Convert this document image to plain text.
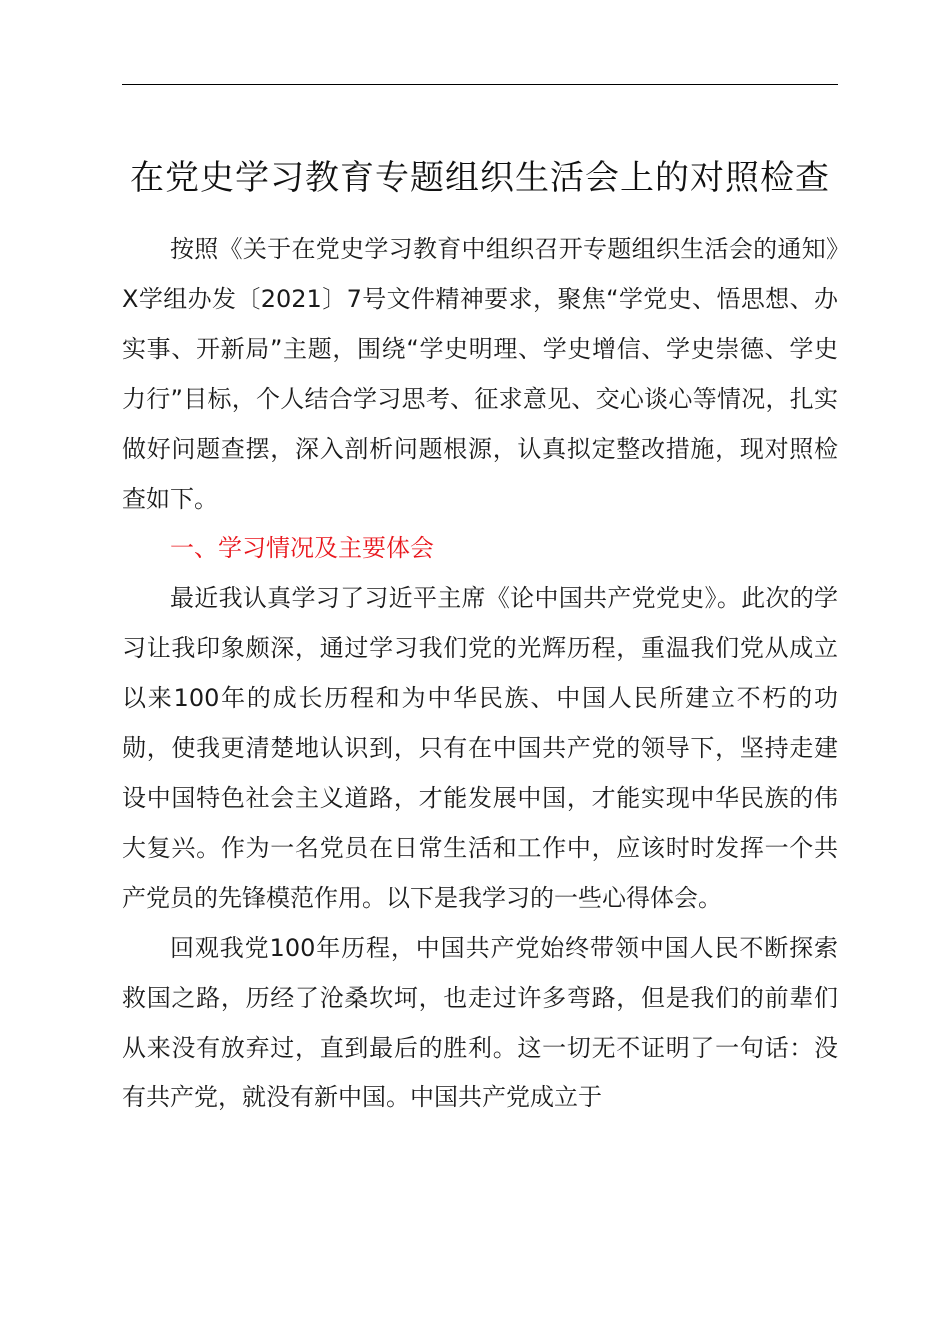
在党史学习教育专题组织生活会上的对照检查

按照《关于在党史学习教育中组织召开专题组织生活会的通知》X学组办发〔2021〕7号文件精神要求，聚焦“学党史、悟思想、办实事、开新局”主题，围绕“学史明理、学史增信、学史崇德、学史力行”目标，个人结合学习思考、征求意见、交心谈心等情况，扎实做好问题查摆，深入剖析问题根源，认真拟定整改措施，现对照检查如下。

一、学习情况及主要体会

最近我认真学习了习近平主席《论中国共产党党史》。此次的学习让我印象颇深，通过学习我们党的光辉历程，重温我们党从成立以来100年的成长历程和为中华民族、中国人民所建立不朽的功勋，使我更清楚地认识到，只有在中国共产党的领导下，坚持走建设中国特色社会主义道路，才能发展中国，才能实现中华民族的伟大复兴。作为一名党员在日常生活和工作中，应该时时发挥一个共产党员的先锋模范作用。以下是我学习的一些心得体会。

回观我党100年历程，中国共产党始终带领中国人民不断探索救国之路，历经了沧桑坎坷，也走过许多弯路，但是我们的前辈们从来没有放弃过，直到最后的胜利。这一切无不证明了一句话：没有共产党，就没有新中国。中国共产党成立于
